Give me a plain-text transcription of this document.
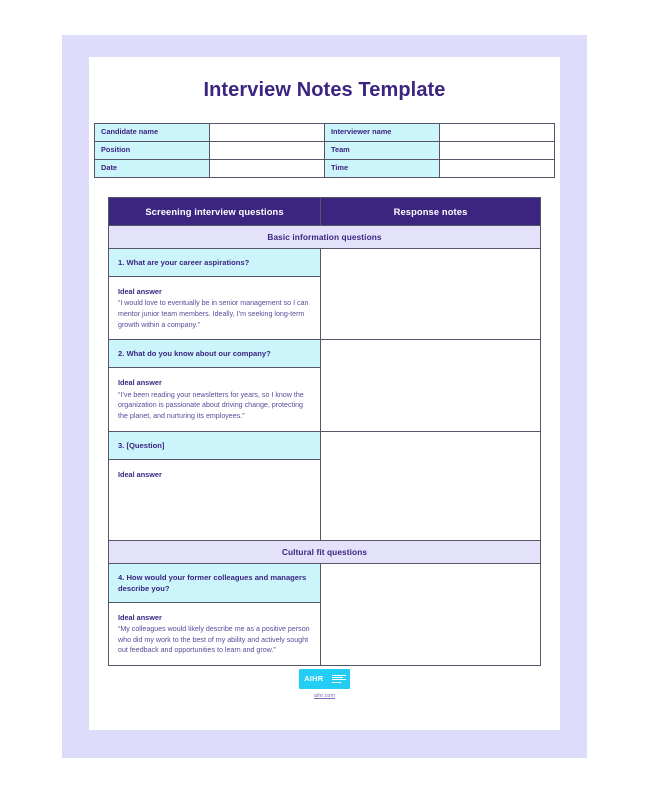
Interview Notes Template
Candidate name		Interviewer name	
Position		Team	
Date		Time	
Screening interview questions	Response notes
Basic information questions	
1. What are your career aspirations?	

Ideal answer
“I would love to eventually be in senior management so I can mentor junior team members. Ideally, I’m seeking long-term growth within a company.”	

2. What do you know about our company?	

Ideal answer
“I’ve been reading your newsletters for years, so I know the organization is passionate about driving change, protecting the planet, and nurturing its employees.”	

3. [Question]	

Ideal answer	

Cultural fit questions	
4. How would your former colleagues and managers describe you?	

Ideal answer
“My colleagues would likely describe me as a positive person who did my work to the best of my ability and actively sought out feedback and opportunities to learn and grow.”	
AIHR
aihr.com
